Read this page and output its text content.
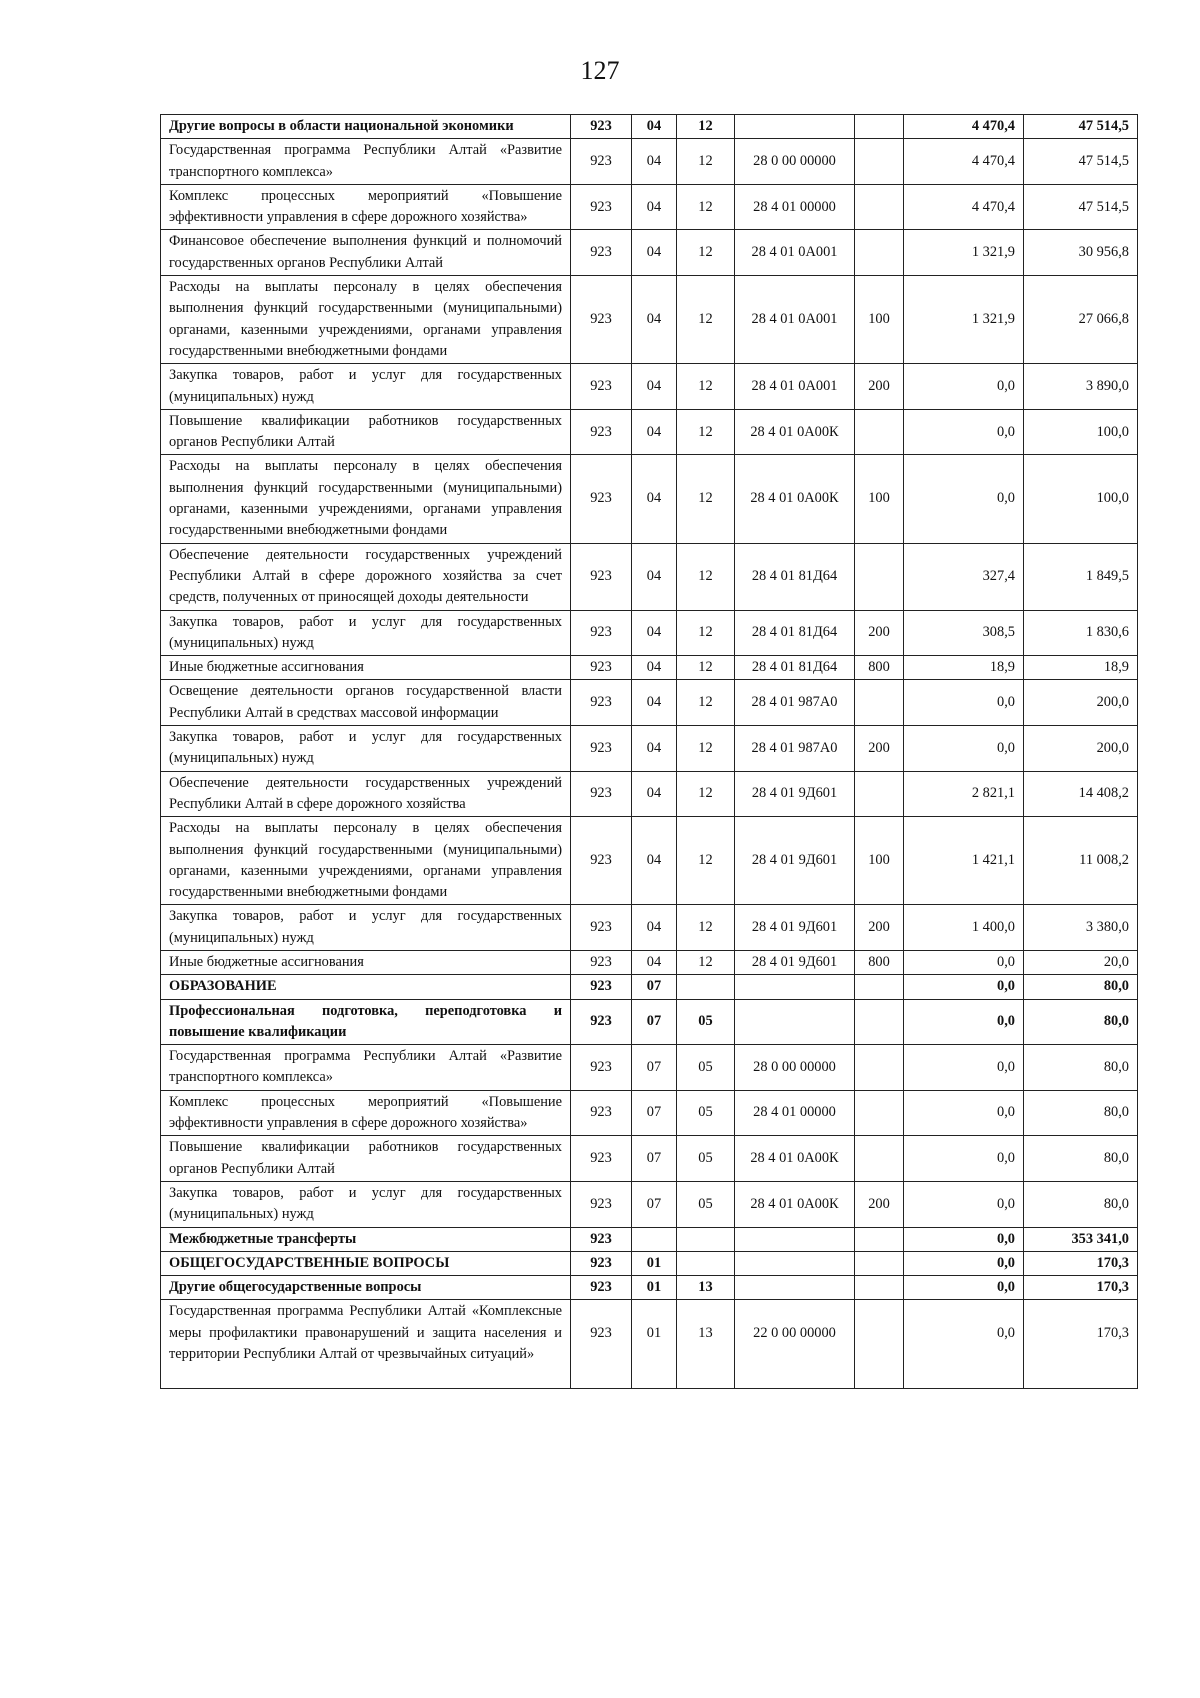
127
Другие вопросы в области национальной экономики	923	04	12			4 470,4	47 514,5
Государственная программа Республики Алтай «Развитие транспортного комплекса»	923	04	12	28 0 00 00000		4 470,4	47 514,5
Комплекс процессных мероприятий «Повышение эффективности управления в сфере дорожного хозяйства»	923	04	12	28 4 01 00000		4 470,4	47 514,5
Финансовое обеспечение выполнения функций и полномочий государственных органов Республики Алтай	923	04	12	28 4 01 0А001		1 321,9	30 956,8
Расходы на выплаты персоналу в целях обеспечения выполнения функций государственными (муниципальными) органами, казенными учреждениями, органами управления государственными внебюджетными фондами	923	04	12	28 4 01 0А001	100	1 321,9	27 066,8
Закупка товаров, работ и услуг для государственных (муниципальных) нужд	923	04	12	28 4 01 0А001	200	0,0	3 890,0
Повышение квалификации работников государственных органов Республики Алтай	923	04	12	28 4 01 0А00К		0,0	100,0
Расходы на выплаты персоналу в целях обеспечения выполнения функций государственными (муниципальными) органами, казенными учреждениями, органами управления государственными внебюджетными фондами	923	04	12	28 4 01 0А00К	100	0,0	100,0
Обеспечение деятельности государственных учреждений Республики Алтай в сфере дорожного хозяйства за счет средств, полученных от приносящей доходы деятельности	923	04	12	28 4 01 81Д64		327,4	1 849,5
Закупка товаров, работ и услуг для государственных (муниципальных) нужд	923	04	12	28 4 01 81Д64	200	308,5	1 830,6
Иные бюджетные ассигнования	923	04	12	28 4 01 81Д64	800	18,9	18,9
Освещение деятельности органов государственной власти Республики Алтай в средствах массовой информации	923	04	12	28 4 01 987А0		0,0	200,0
Закупка товаров, работ и услуг для государственных (муниципальных) нужд	923	04	12	28 4 01 987А0	200	0,0	200,0
Обеспечение деятельности государственных учреждений Республики Алтай в сфере дорожного хозяйства	923	04	12	28 4 01 9Д601		2 821,1	14 408,2
Расходы на выплаты персоналу в целях обеспечения выполнения функций государственными (муниципальными) органами, казенными учреждениями, органами управления государственными внебюджетными фондами	923	04	12	28 4 01 9Д601	100	1 421,1	11 008,2
Закупка товаров, работ и услуг для государственных (муниципальных) нужд	923	04	12	28 4 01 9Д601	200	1 400,0	3 380,0
Иные бюджетные ассигнования	923	04	12	28 4 01 9Д601	800	0,0	20,0
ОБРАЗОВАНИЕ	923	07				0,0	80,0
Профессиональная подготовка, переподготовка и повышение квалификации	923	07	05			0,0	80,0
Государственная программа Республики Алтай «Развитие транспортного комплекса»	923	07	05	28 0 00 00000		0,0	80,0
Комплекс процессных мероприятий «Повышение эффективности управления в сфере дорожного хозяйства»	923	07	05	28 4 01 00000		0,0	80,0
Повышение квалификации работников государственных органов Республики Алтай	923	07	05	28 4 01 0А00К		0,0	80,0
Закупка товаров, работ и услуг для государственных (муниципальных) нужд	923	07	05	28 4 01 0А00К	200	0,0	80,0
Межбюджетные трансферты	923					0,0	353 341,0
ОБЩЕГОСУДАРСТВЕННЫЕ ВОПРОСЫ	923	01				0,0	170,3
Другие общегосударственные вопросы	923	01	13			0,0	170,3
Государственная программа Республики Алтай «Комплексные меры профилактики правонарушений и защита населения и территории Республики Алтай от чрезвычайных ситуаций»	923	01	13	22 0 00 00000		0,0	170,3
